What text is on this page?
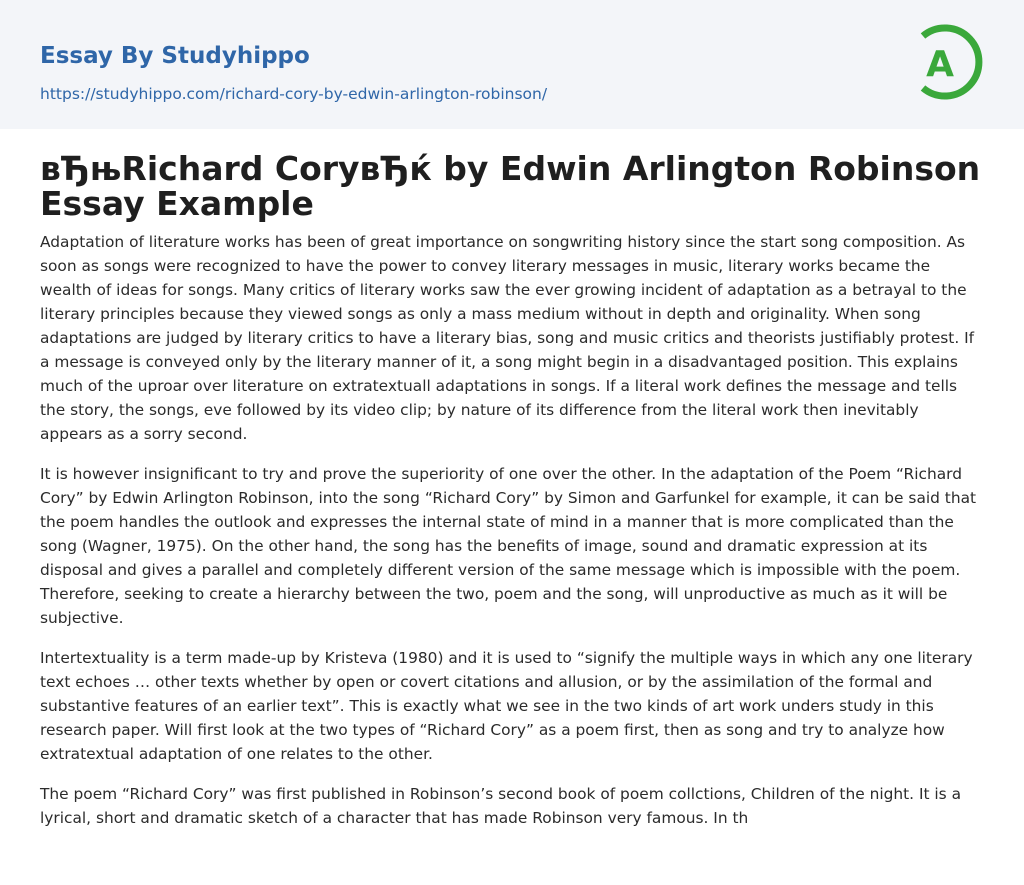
Essay By Studyhippo
https://studyhippo.com/richard-cory-by-edwin-arlington-robinson/
A
вЂњRichard CoryвЂќ by Edwin Arlington Robinson Essay Example

Adaptation of literature works has been of great importance on songwriting history since the start song composition. As soon as songs were recognized to have the power to convey literary messages in music, literary works became the wealth of ideas for songs. Many critics of literary works saw the ever growing incident of adaptation as a betrayal to the literary principles because they viewed songs as only a mass medium without in depth and originality. When song adaptations are judged by literary critics to have a literary bias, song and music critics and theorists justifiably protest. If a message is conveyed only by the literary manner of it, a song might begin in a disadvantaged position. This explains much of the uproar over literature on extratextuall adaptations in songs. If a literal work defines the message and tells the story, the songs, eve followed by its video clip; by nature of its difference from the literal work then inevitably appears as a sorry second.

It is however insignificant to try and prove the superiority of one over the other. In the adaptation of the Poem “Richard Cory” by Edwin Arlington Robinson, into the song “Richard Cory” by Simon and Garfunkel for example, it can be said that the poem handles the outlook and expresses the internal state of mind in a manner that is more complicated than the song (Wagner, 1975). On the other hand, the song has the benefits of image, sound and dramatic expression at its disposal and gives a parallel and completely different version of the same message which is impossible with the poem. Therefore, seeking to create a hierarchy between the two, poem and the song, will unproductive as much as it will be subjective.

Intertextuality is a term made-up by Kristeva (1980) and it is used to “signify the multiple ways in which any one literary text echoes … other texts whether by open or covert citations and allusion, or by the assimilation of the formal and substantive features of an earlier text”. This is exactly what we see in the two kinds of art work unders study in this research paper. Will first look at the two types of “Richard Cory” as a poem first, then as song and try to analyze how extratextual adaptation of one relates to the other.

The poem “Richard Cory” was first published in Robinson’s second book of poem collctions, Children of the night. It is a lyrical, short and dramatic sketch of a character that has made Robinson very famous. In th
